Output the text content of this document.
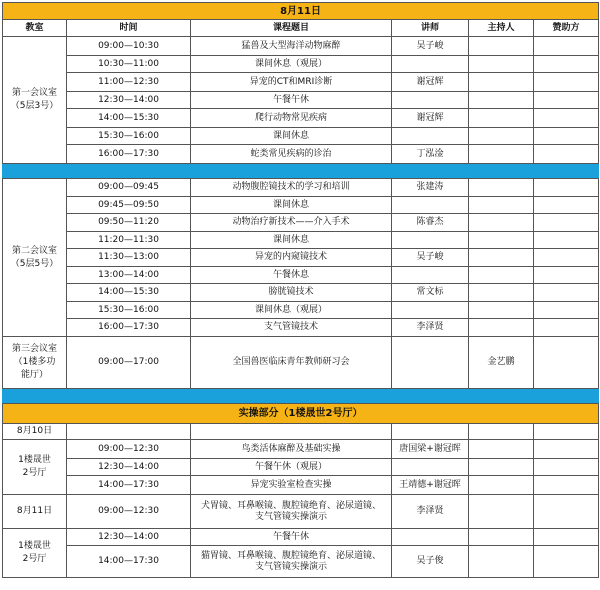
8月11日					
教室	时间	课程题目	讲师	主持人	赞助方

第一会议室
（5层3号）	09:00—10:30	猛兽及大型海洋动物麻醉	吴子峻		
	10:30—11:00	课间休息（观展）			
	11:00—12:30	异宠的CT和MRI诊断	谢冠辉		
	12:30—14:00	午餐午休			
	14:00—15:30	爬行动物常见疾病	谢冠辉		
	15:30—16:00	课间休息			
	16:00—17:30	蛇类常见疾病的诊治	丁泓淦		

第二会议室
（5层5号）	09:00—09:45	动物腹腔镜技术的学习和培训	张建涛		
	09:45—09:50	课间休息			
	09:50—11:20	动物治疗新技术——介入手术	陈睿杰		
	11:20—11:30	课间休息			
	11:30—13:00	异宠的内窥镜技术	吴子峻		
	13:00—14:00	午餐休息			
	14:00—15:30	膀胱镜技术	常文标		
	15:30—16:00	课间休息（观展）			
	16:00—17:30	支气管镜技术	李泽贤		

第三会议室
（1楼多功
能厅）	09:00—17:00	全国兽医临床青年教师研习会		金艺鹏	

实操部分（1楼晟世2号厅）					
8月10日					

1楼晟世
2号厅	09:00—12:30	鸟类活体麻醉及基础实操	唐国梁+谢冠晖		
	12:30—14:00	午餐午休（观展）			
	14:00—17:30	异宠实验室检查实操	王靖德+谢冠晖		
8月11日	09:00—12:30	犬胃镜、耳鼻喉镜、腹腔镜绝育、泌尿道镜、
支气管镜实操演示	李泽贤		

1楼晟世
2号厅	12:30—14:00	午餐午休			
	14:00—17:30	猫胃镜、耳鼻喉镜、腹腔镜绝育、泌尿道镜、
支气管镜实操演示	吴子俊		
